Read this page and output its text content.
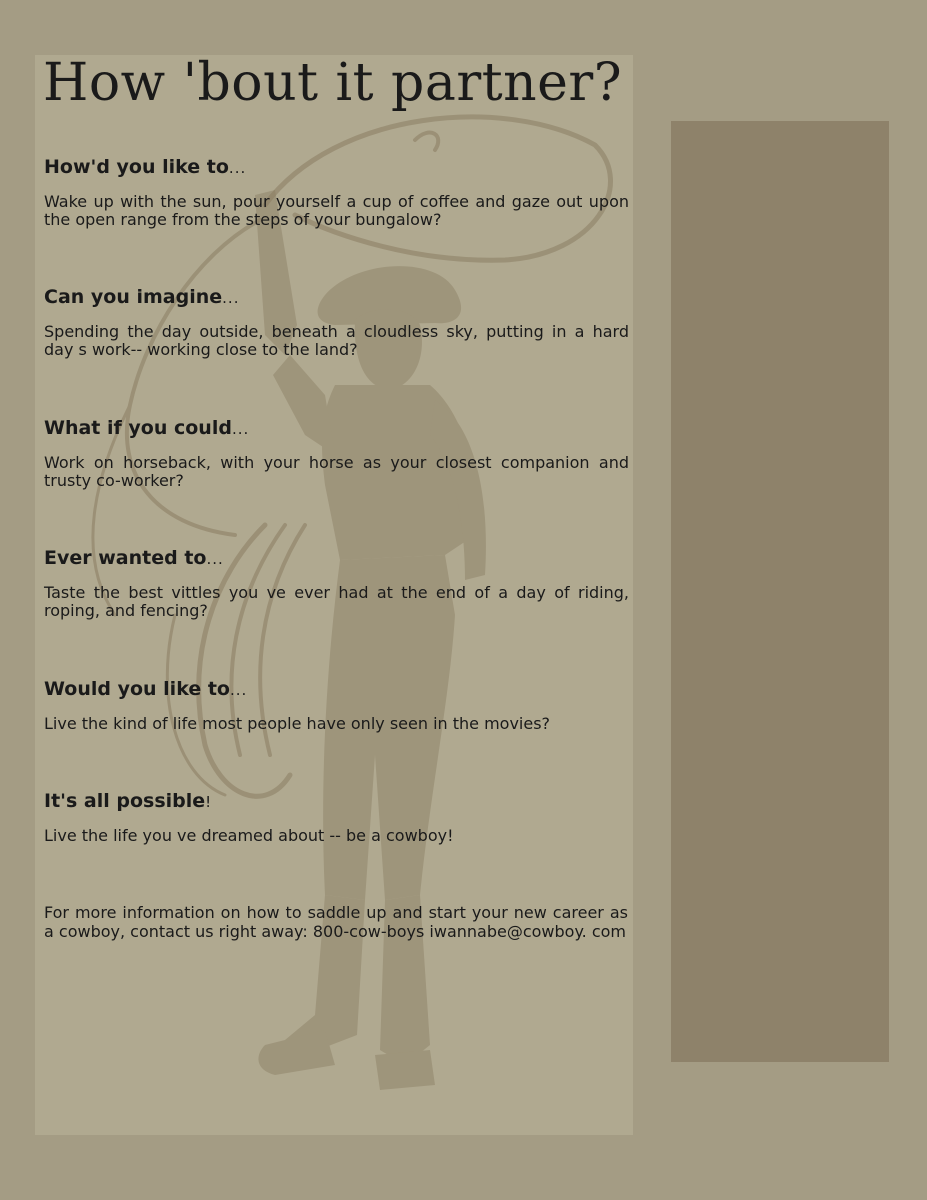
How 'bout it partner?
How'd you like to...

Wake up with the sun, pour yourself a cup of coffee and gaze out upon the open range from the steps of your bungalow?

Can you imagine...

Spending the day outside, beneath a cloudless sky, putting in a hard day s work-- working close to the land?

What if you could...

Work on horseback, with your horse as your closest companion and trusty co-worker?

Ever wanted to...

Taste the best vittles you ve ever had at the end of a day of riding, roping, and fencing?

Would you like to...

Live the kind of life most people have only seen in the movies?

It's all possible!

Live the life you ve dreamed about -- be a cowboy!

For more information on how to saddle up and start your new career as a cowboy, contact us right away: 800-cow-boys iwannabe@cowboy. com
